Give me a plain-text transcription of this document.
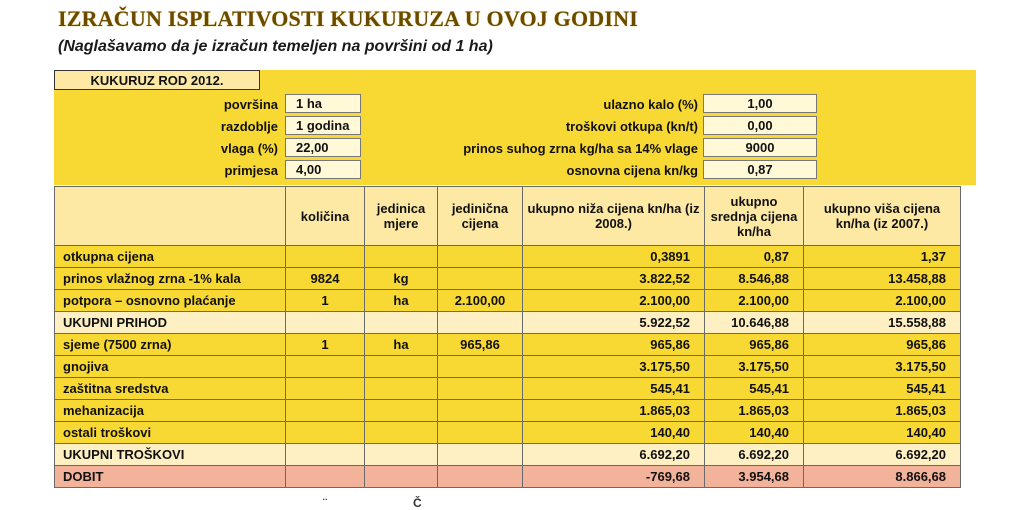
IZRAČUN ISPLATIVOSTI KUKURUZA U OVOJ GODINI
(Naglašavamo da je izračun temeljen na površini od 1 ha)
KUKURUZ ROD 2012.
površina	1 ha
razdoblje	1 godina
vlaga (%)	22,00
primjesa	4,00
ulazno kalo (%)	1,00
troškovi otkupa (kn/t)	0,00
prinos suhog zrna kg/ha sa 14% vlage	9000
osnovna cijena kn/kg	0,87
	količina	jedinica mjere	jedinična cijena	ukupno niža cijena kn/ha (iz 2008.)	ukupno srednja cijena kn/ha	ukupno viša cijena kn/ha (iz 2007.)
otkupna cijena				0,3891	0,87	1,37
prinos vlažnog zrna -1% kala	9824	kg		3.822,52	8.546,88	13.458,88
potpora – osnovno plaćanje	1	ha	2.100,00	2.100,00	2.100,00	2.100,00
UKUPNI PRIHOD				5.922,52	10.646,88	15.558,88
sjeme (7500 zrna)	1	ha	965,86	965,86	965,86	965,86
gnojiva				3.175,50	3.175,50	3.175,50
zaštitna sredstva				545,41	545,41	545,41
mehanizacija				1.865,03	1.865,03	1.865,03
ostali troškovi				140,40	140,40	140,40
UKUPNI TROŠKOVI				6.692,20	6.692,20	6.692,20
DOBIT				-769,68	3.954,68	8.866,68
¨	Č
